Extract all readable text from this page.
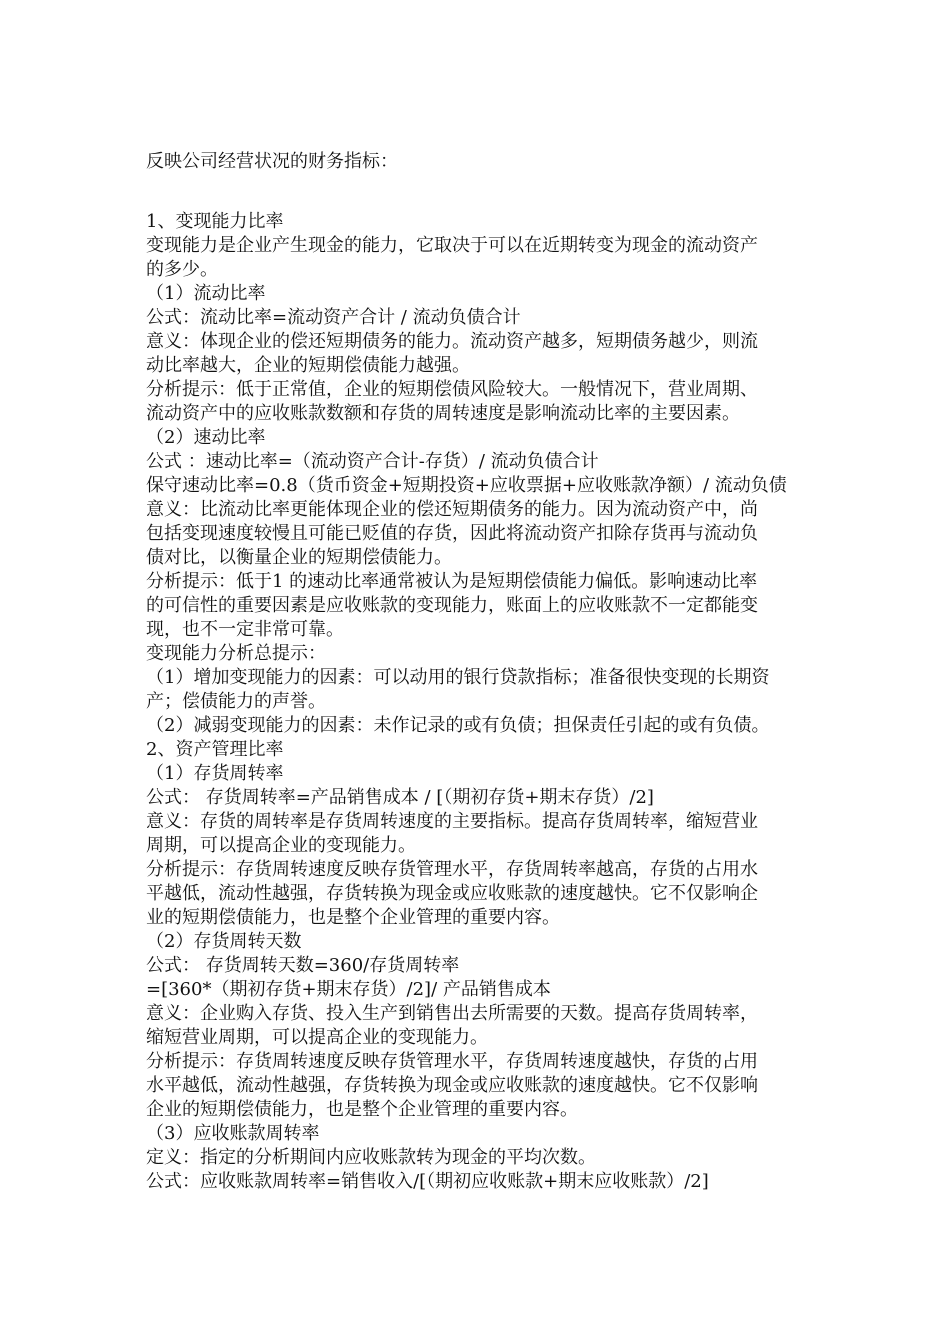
反映公司经营状况的财务指标：

1、变现能力比率

变现能力是企业产生现金的能力，它取决于可以在近期转变为现金的流动资产

的多少。

（1）流动比率

公式：流动比率=流动资产合计 / 流动负债合计

意义：体现企业的偿还短期债务的能力。流动资产越多，短期债务越少，则流

动比率越大，企业的短期偿债能力越强。

分析提示：低于正常值，企业的短期偿债风险较大。一般情况下，营业周期、

流动资产中的应收账款数额和存货的周转速度是影响流动比率的主要因素。

（2）速动比率

公式 ：速动比率=（流动资产合计-存货）/ 流动负债合计

保守速动比率=0.8（货币资金+短期投资+应收票据+应收账款净额）/ 流动负债

意义：比流动比率更能体现企业的偿还短期债务的能力。因为流动资产中，尚

包括变现速度较慢且可能已贬值的存货，因此将流动资产扣除存货再与流动负

债对比，以衡量企业的短期偿债能力。

分析提示：低于1 的速动比率通常被认为是短期偿债能力偏低。影响速动比率

的可信性的重要因素是应收账款的变现能力，账面上的应收账款不一定都能变

现，也不一定非常可靠。

变现能力分析总提示：

（1）增加变现能力的因素：可以动用的银行贷款指标；准备很快变现的长期资

产；偿债能力的声誉。

（2）减弱变现能力的因素：未作记录的或有负债；担保责任引起的或有负债。

2、资产管理比率

（1）存货周转率

公式： 存货周转率=产品销售成本 / [（期初存货+期末存货）/2]

意义：存货的周转率是存货周转速度的主要指标。提高存货周转率，缩短营业

周期，可以提高企业的变现能力。

分析提示：存货周转速度反映存货管理水平，存货周转率越高，存货的占用水

平越低，流动性越强，存货转换为现金或应收账款的速度越快。它不仅影响企

业的短期偿债能力，也是整个企业管理的重要内容。

（2）存货周转天数

公式： 存货周转天数=360/存货周转率

=[360*（期初存货+期末存货）/2]/ 产品销售成本

意义：企业购入存货、投入生产到销售出去所需要的天数。提高存货周转率，

缩短营业周期，可以提高企业的变现能力。

分析提示：存货周转速度反映存货管理水平，存货周转速度越快，存货的占用

水平越低，流动性越强，存货转换为现金或应收账款的速度越快。它不仅影响

企业的短期偿债能力，也是整个企业管理的重要内容。

（3）应收账款周转率

定义：指定的分析期间内应收账款转为现金的平均次数。

公式：应收账款周转率=销售收入/[（期初应收账款+期末应收账款）/2]
